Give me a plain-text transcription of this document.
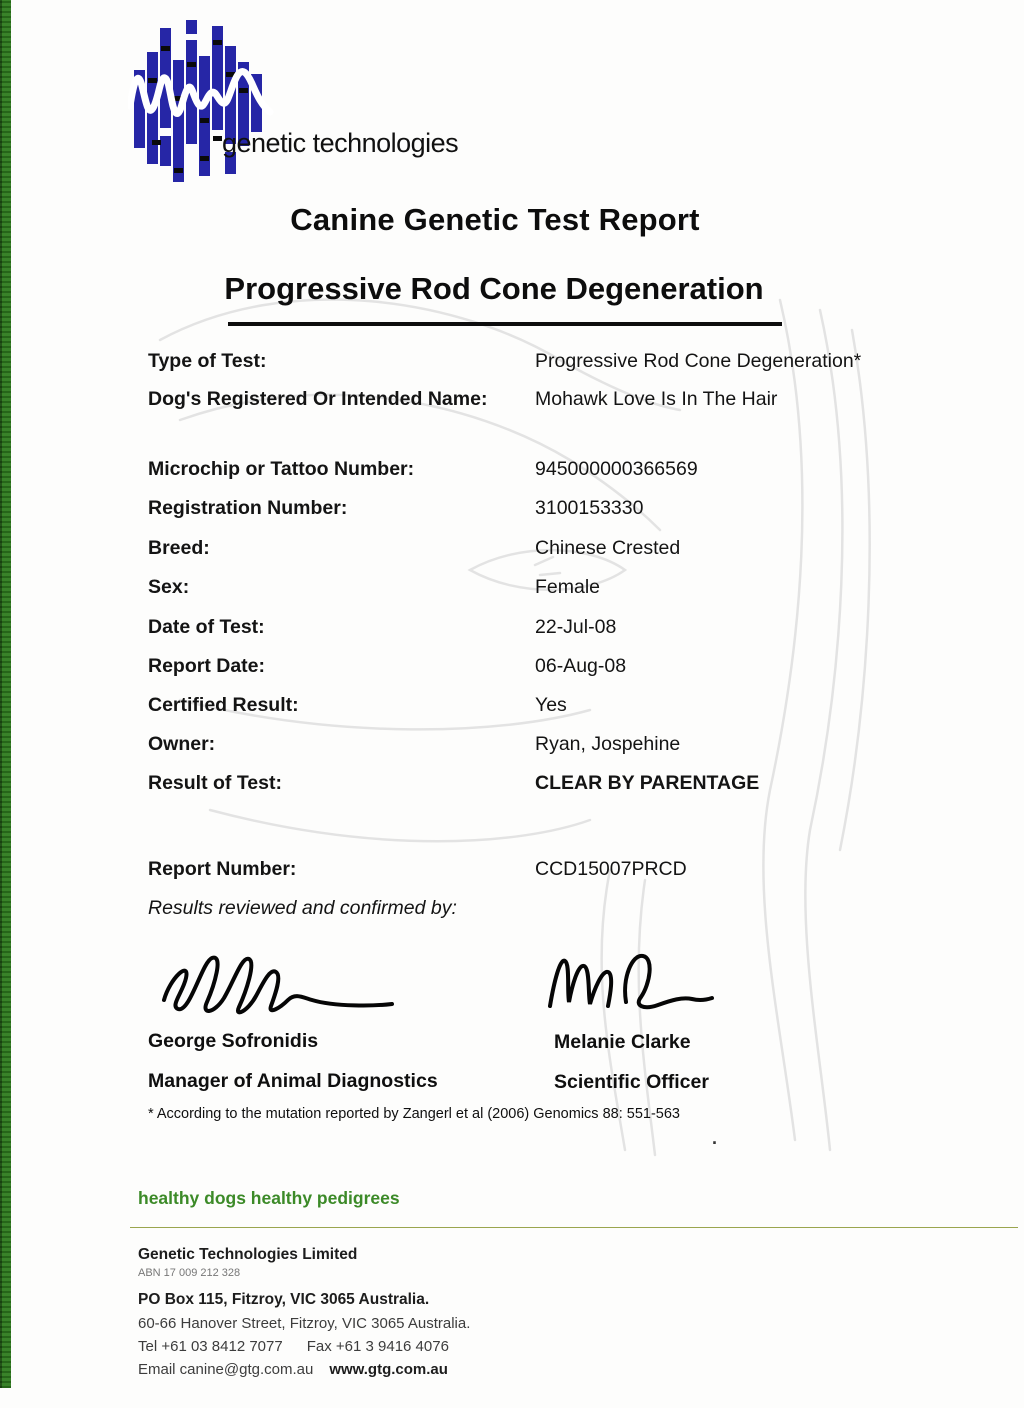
genetic technologies
Canine Genetic Test Report
Progressive Rod Cone Degeneration
Type of Test:	Progressive Rod Cone Degeneration*
Dog's Registered Or Intended Name: Mohawk Love Is In The Hair
Microchip or Tattoo Number:	945000000366569
Registration Number:	3100153330
Breed:	Chinese Crested
Sex:	Female
Date of Test:	22-Jul-08
Report Date:	06-Aug-08
Certified Result:	Yes
Owner:	Ryan, Jospehine
Result of Test:	CLEAR BY PARENTAGE
Report Number:	CCD15007PRCD
Results reviewed and confirmed by:
George Sofronidis
Manager of Animal Diagnostics
Melanie Clarke
Scientific Officer
* According to the mutation reported by Zangerl et al (2006) Genomics 88: 551-563
.
healthy dogs healthy pedigrees
Genetic Technologies Limited
ABN 17 009 212 328
PO Box 115, Fitzroy, VIC 3065 Australia.
60-66 Hanover Street, Fitzroy, VIC 3065 Australia.
Tel +61 03 8412 7077 Fax +61 3 9416 4076
Email canine@gtg.com.au www.gtg.com.au
